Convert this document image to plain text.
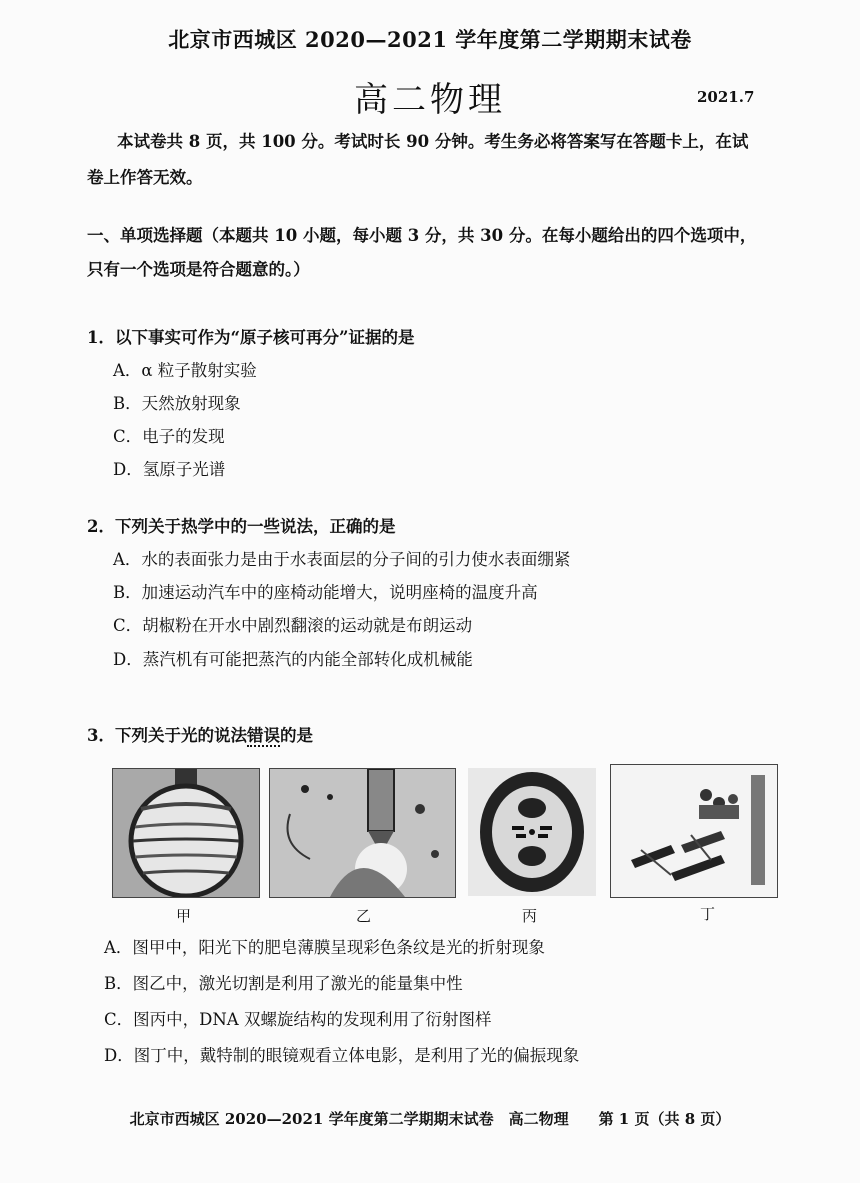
北京市西城区 2020—2021 学年度第二学期期末试卷
高二物理	2021.7
本试卷共 8 页，共 100 分。考试时长 90 分钟。考生务必将答案写在答题卡上，在试
卷上作答无效。
一、单项选择题（本题共 10 小题，每小题 3 分，共 30 分。在每小题给出的四个选项中，
只有一个选项是符合题意的。）
1．以下事实可作为“原子核可再分”证据的是
A．α 粒子散射实验
B．天然放射现象
C．电子的发现
D．氢原子光谱
2．下列关于热学中的一些说法，正确的是
A．水的表面张力是由于水表面层的分子间的引力使水表面绷紧
B．加速运动汽车中的座椅动能增大，说明座椅的温度升高
C．胡椒粉在开水中剧烈翻滚的运动就是布朗运动
D．蒸汽机有可能把蒸汽的内能全部转化成机械能
3．下列关于光的说法错误的是
甲	乙	丙	丁
A．图甲中，阳光下的肥皂薄膜呈现彩色条纹是光的折射现象
B．图乙中，激光切割是利用了激光的能量集中性
C．图丙中，DNA 双螺旋结构的发现利用了衍射图样
D．图丁中，戴特制的眼镜观看立体电影，是利用了光的偏振现象
北京市西城区 2020—2021 学年度第二学期期末试卷　高二物理　　第 1 页（共 8 页）
